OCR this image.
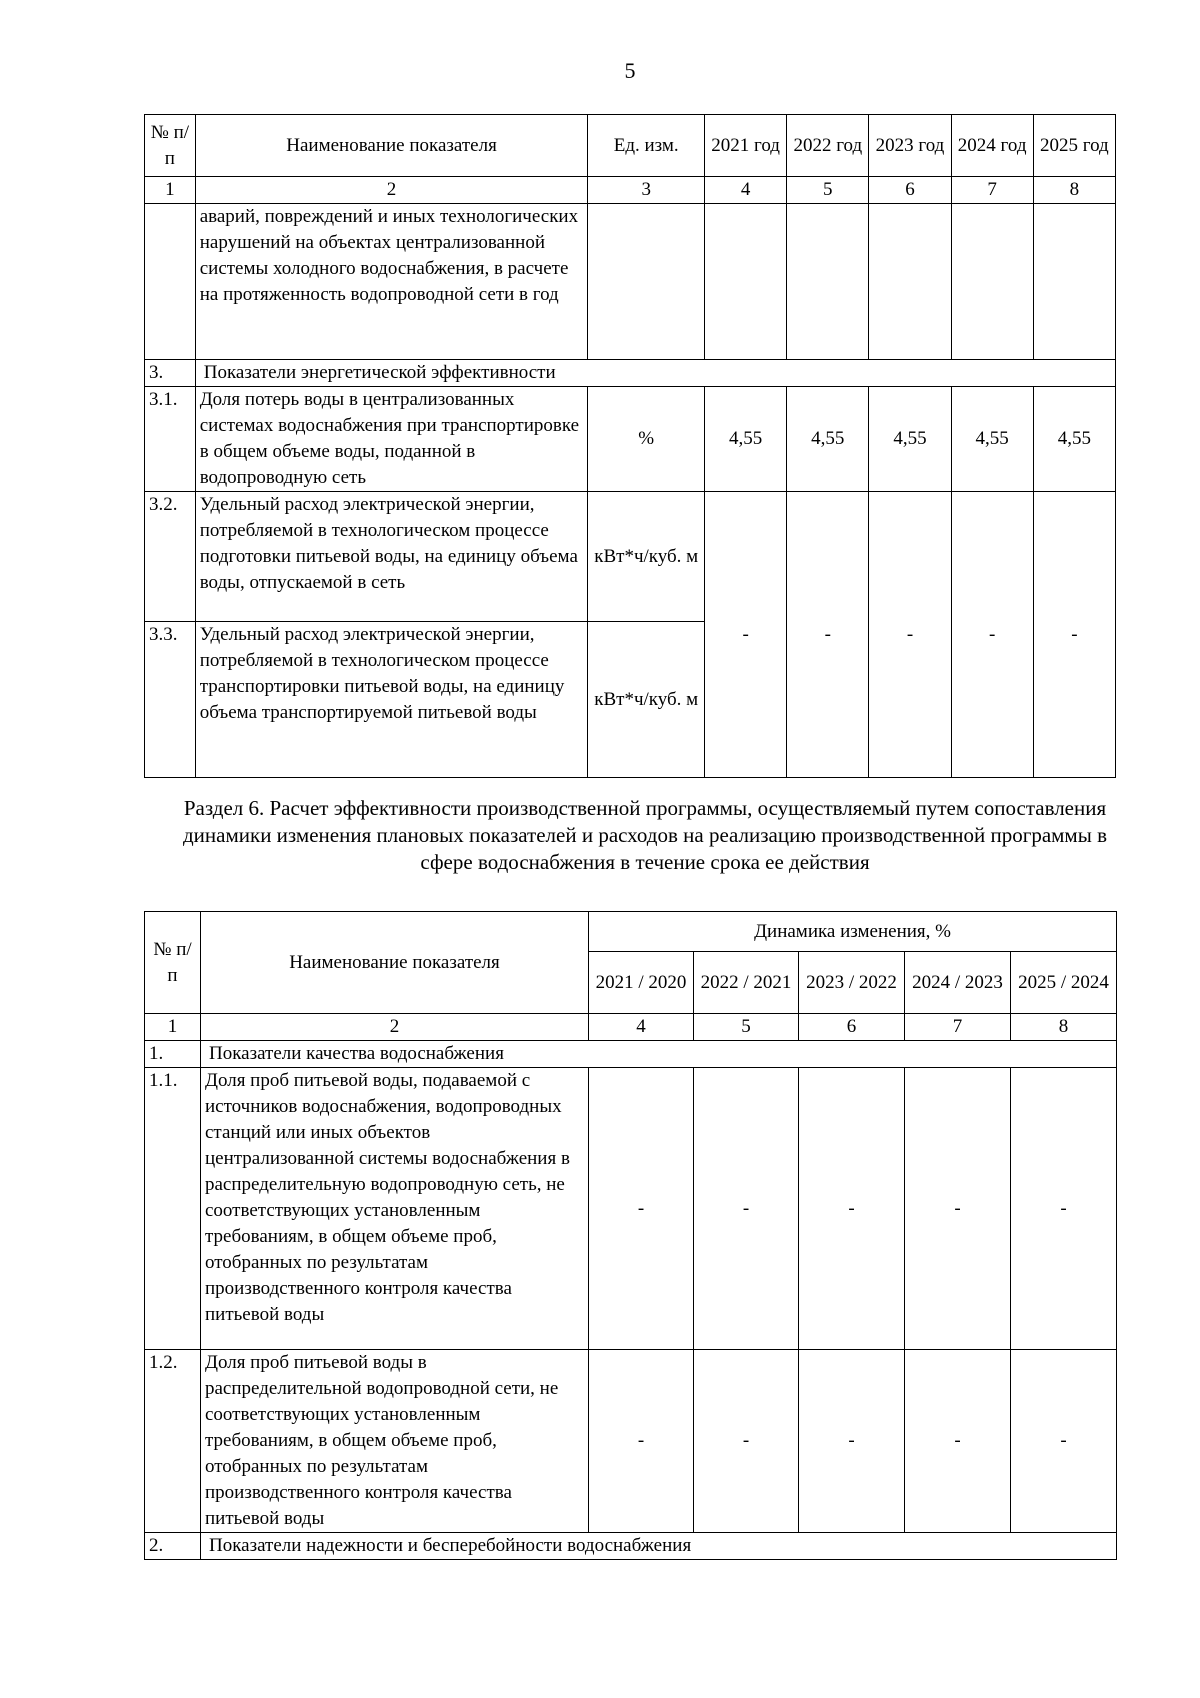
5
№ п/п	Наименование показателя	Ед. изм.	2021 год	2022 год	2023 год	2024 год	2025 год
1	2	3	4	5	6	7	8
	аварий, повреждений и иных технологических нарушений на объектах централизованной системы холодного водоснабжения, в расчете на протяженность водопроводной сети в год						
3.	Показатели энергетической эффективности						
3.1.	Доля потерь воды в централизованных системах водоснабжения при транспортировке в общем объеме воды, поданной в водопроводную сеть	%	4,55	4,55	4,55	4,55	4,55
3.2.	Удельный расход электрической энергии, потребляемой в технологическом процессе подготовки питьевой воды, на единицу объема воды, отпускаемой в сеть	кВт*ч/куб. м	-	-	-	-	-
3.3.	Удельный расход электрической энергии, потребляемой в технологическом процессе транспортировки питьевой воды, на единицу объема транспортируемой питьевой воды	кВт*ч/куб. м					
Раздел 6. Расчет эффективности производственной программы, осуществляемый путем сопоставления динамики изменения плановых показателей и расходов на реализацию производственной программы в сфере водоснабжения в течение срока ее действия
№ п/п	Наименование показателя	Динамика изменения, %				
		2021 / 2020	2022 / 2021	2023 / 2022	2024 / 2023	2025 / 2024
1	2	4	5	6	7	8
1.	Показатели качества водоснабжения					
1.1.	Доля проб питьевой воды, подаваемой с источников водоснабжения, водопроводных станций или иных объектов централизованной системы водоснабжения в распределительную водопроводную сеть, не соответствующих установленным требованиям, в общем объеме проб, отобранных по результатам производственного контроля качества питьевой воды	-	-	-	-	-
1.2.	Доля проб питьевой воды в распределительной водопроводной сети, не соответствующих установленным требованиям, в общем объеме проб, отобранных по результатам производственного контроля качества питьевой воды	-	-	-	-	-
2.	Показатели надежности и бесперебойности водоснабжения					
